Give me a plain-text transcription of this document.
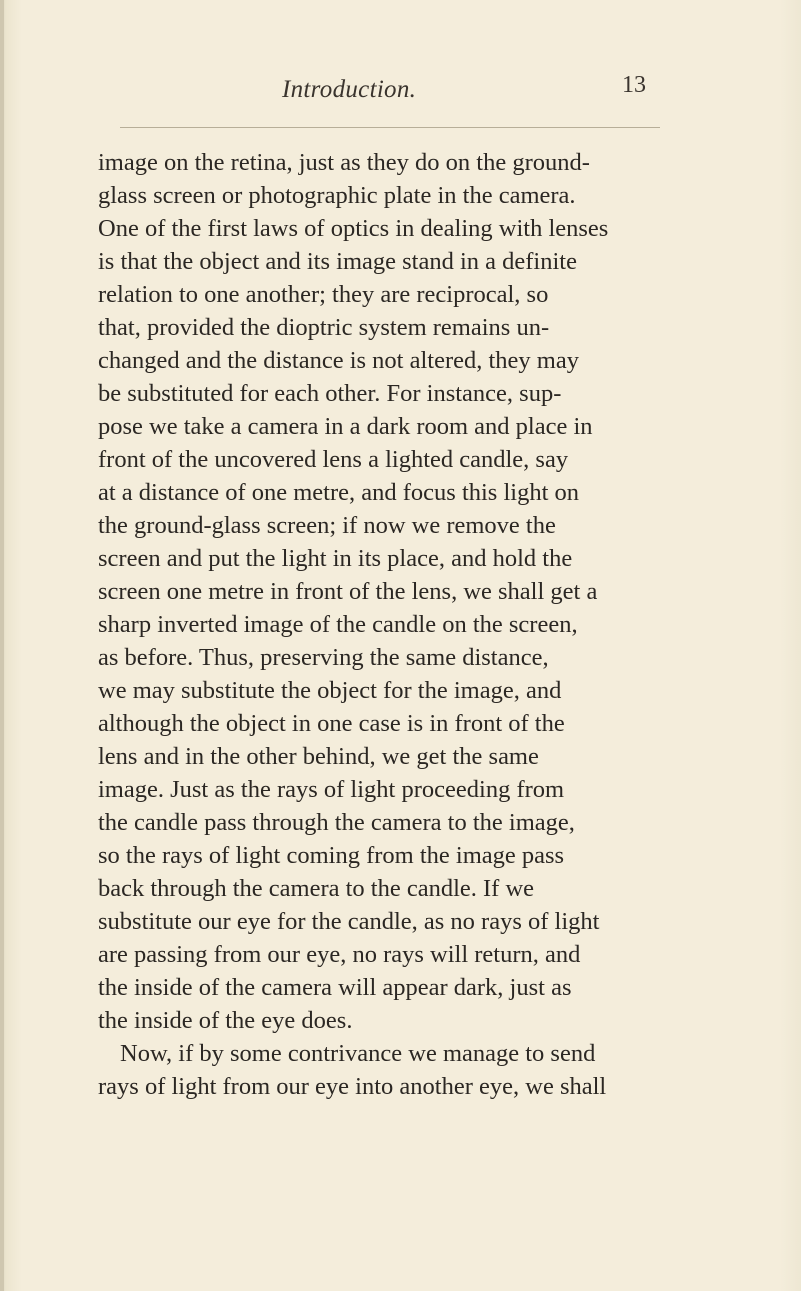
Introduction.	13
image on the retina, just as they do on the ground-
glass screen or photographic plate in the camera.
One of the first laws of optics in dealing with lenses
is that the object and its image stand in a definite
relation to one another; they are reciprocal, so
that, provided the dioptric system remains un-
changed and the distance is not altered, they may
be substituted for each other. For instance, sup-
pose we take a camera in a dark room and place in
front of the uncovered lens a lighted candle, say
at a distance of one metre, and focus this light on
the ground-glass screen; if now we remove the
screen and put the light in its place, and hold the
screen one metre in front of the lens, we shall get a
sharp inverted image of the candle on the screen,
as before. Thus, preserving the same distance,
we may substitute the object for the image, and
although the object in one case is in front of the
lens and in the other behind, we get the same
image. Just as the rays of light proceeding from
the candle pass through the camera to the image,
so the rays of light coming from the image pass
back through the camera to the candle. If we
substitute our eye for the candle, as no rays of light
are passing from our eye, no rays will return, and
the inside of the camera will appear dark, just as
the inside of the eye does.
Now, if by some contrivance we manage to send
rays of light from our eye into another eye, we shall
